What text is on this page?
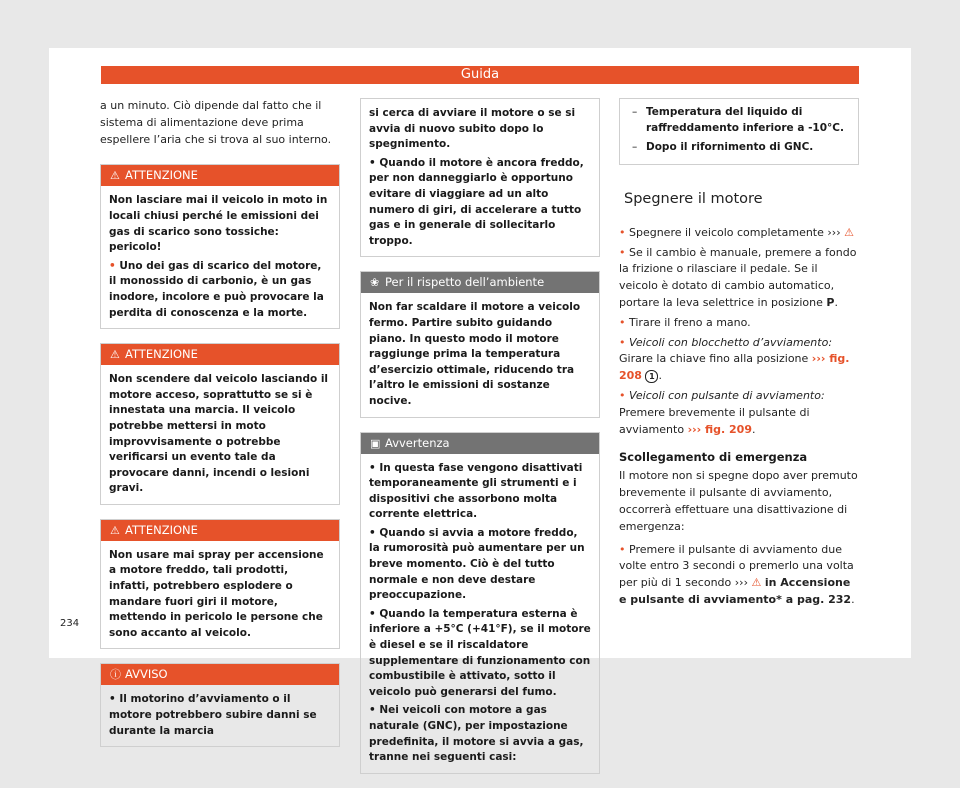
Guida

a un minuto. Ciò dipende dal fatto che il sistema di alimentazione deve prima espellere l’aria che si trova al suo interno.

⚠ ATTENZIONE

Non lasciare mai il veicolo in moto in locali chiusi perché le emissioni dei gas di scarico sono tossiche: pericolo!

• Uno dei gas di scarico del motore, il monossido di carbonio, è un gas inodore, incolore e può provocare la perdita di conoscenza e la morte.

⚠ ATTENZIONE

Non scendere dal veicolo lasciando il motore acceso, soprattutto se si è innestata una marcia. Il veicolo potrebbe mettersi in moto improvvisamente o potrebbe verificarsi un evento tale da provocare danni, incendi o lesioni gravi.

⚠ ATTENZIONE

Non usare mai spray per accensione a motore freddo, tali prodotti, infatti, potrebbero esplodere o mandare fuori giri il motore, mettendo in pericolo le persone che sono accanto al veicolo.

ⓘ AVVISO

• Il motorino d’avviamento o il motore potrebbero subire danni se durante la marcia

si cerca di avviare il motore o se si avvia di nuovo subito dopo lo spegnimento.

• Quando il motore è ancora freddo, per non danneggiarlo è opportuno evitare di viaggiare ad un alto numero di giri, di accelerare a tutto gas e in generale di sollecitarlo troppo.

❀ Per il rispetto dell’ambiente

Non far scaldare il motore a veicolo fermo. Partire subito guidando piano. In questo modo il motore raggiunge prima la temperatura d’esercizio ottimale, riducendo tra l’altro le emissioni di sostanze nocive.

▣ Avvertenza

• In questa fase vengono disattivati temporaneamente gli strumenti e i dispositivi che assorbono molta corrente elettrica.

• Quando si avvia a motore freddo, la rumorosità può aumentare per un breve momento. Ciò è del tutto normale e non deve destare preoccupazione.

• Quando la temperatura esterna è inferiore a +5°C (+41°F), se il motore è diesel e se il riscaldatore supplementare di funzionamento con combustibile è attivato, sotto il veicolo può generarsi del fumo.

• Nei veicoli con motore a gas naturale (GNC), per impostazione predefinita, il motore si avvia a gas, tranne nei seguenti casi:

– Temperatura del liquido di raffreddamento inferiore a -10°C.
– Dopo il rifornimento di GNC.
Spegnere il motore

• Spegnere il veicolo completamente ››› ⚠

• Se il cambio è manuale, premere a fondo la frizione o rilasciare il pedale. Se il veicolo è dotato di cambio automatico, portare la leva selettrice in posizione P.

• Tirare il freno a mano.

• Veicoli con blocchetto d’avviamento: Girare la chiave fino alla posizione ››› fig. 208 1 .

• Veicoli con pulsante di avviamento: Premere brevemente il pulsante di avviamento ››› fig. 209.

Scollegamento di emergenza

Il motore non si spegne dopo aver premuto brevemente il pulsante di avviamento, occorrerà effettuare una disattivazione di emergenza:

• Premere il pulsante di avviamento due volte entro 3 secondi o premerlo una volta per più di 1 secondo ››› ⚠ in Accensione e pulsante di avviamento* a pag. 232.

234
